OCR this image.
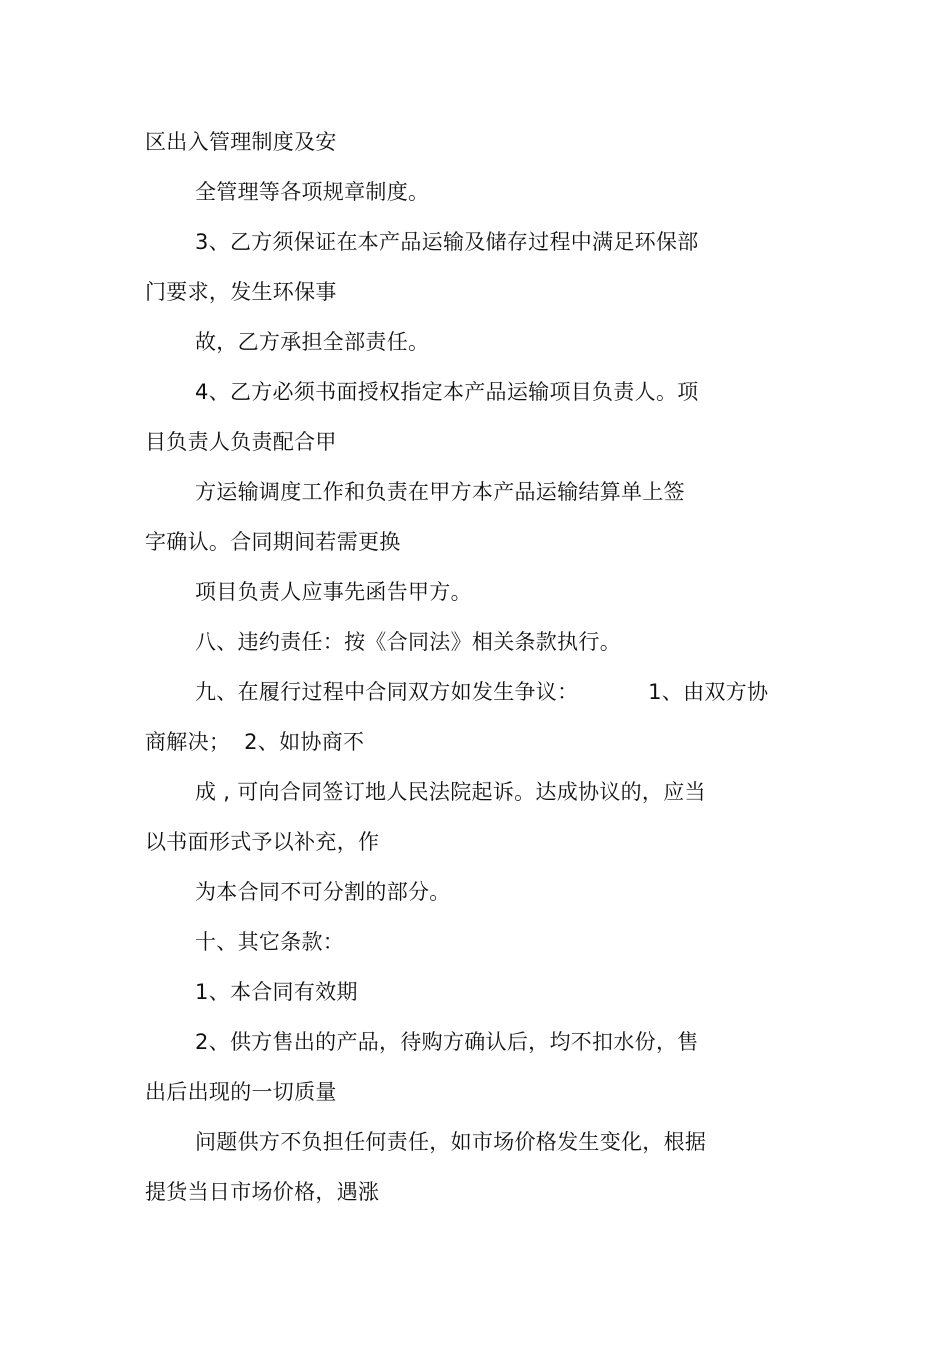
区出入管理制度及安
全管理等各项规章制度。
3、乙方须保证在本产品运输及储存过程中满足环保部
门要求，发生环保事
故，乙方承担全部责任。
4、乙方必须书面授权指定本产品运输项目负责人。项
目负责人负责配合甲
方运输调度工作和负责在甲方本产品运输结算单上签
字确认。合同期间若需更换
项目负责人应事先函告甲方。
八、违约责任：按《合同法》相关条款执行。
九、在履行过程中合同双方如发生争议：          1、由双方协
商解决；  2、如协商不
成 , 可向合同签订地人民法院起诉。达成协议的，应当
以书面形式予以补充，作
为本合同不可分割的部分。
十、其它条款：
1、本合同有效期
2、供方售出的产品，待购方确认后，均不扣水份，售
出后出现的一切质量
问题供方不负担任何责任，如市场价格发生变化，根据
提货当日市场价格，遇涨
